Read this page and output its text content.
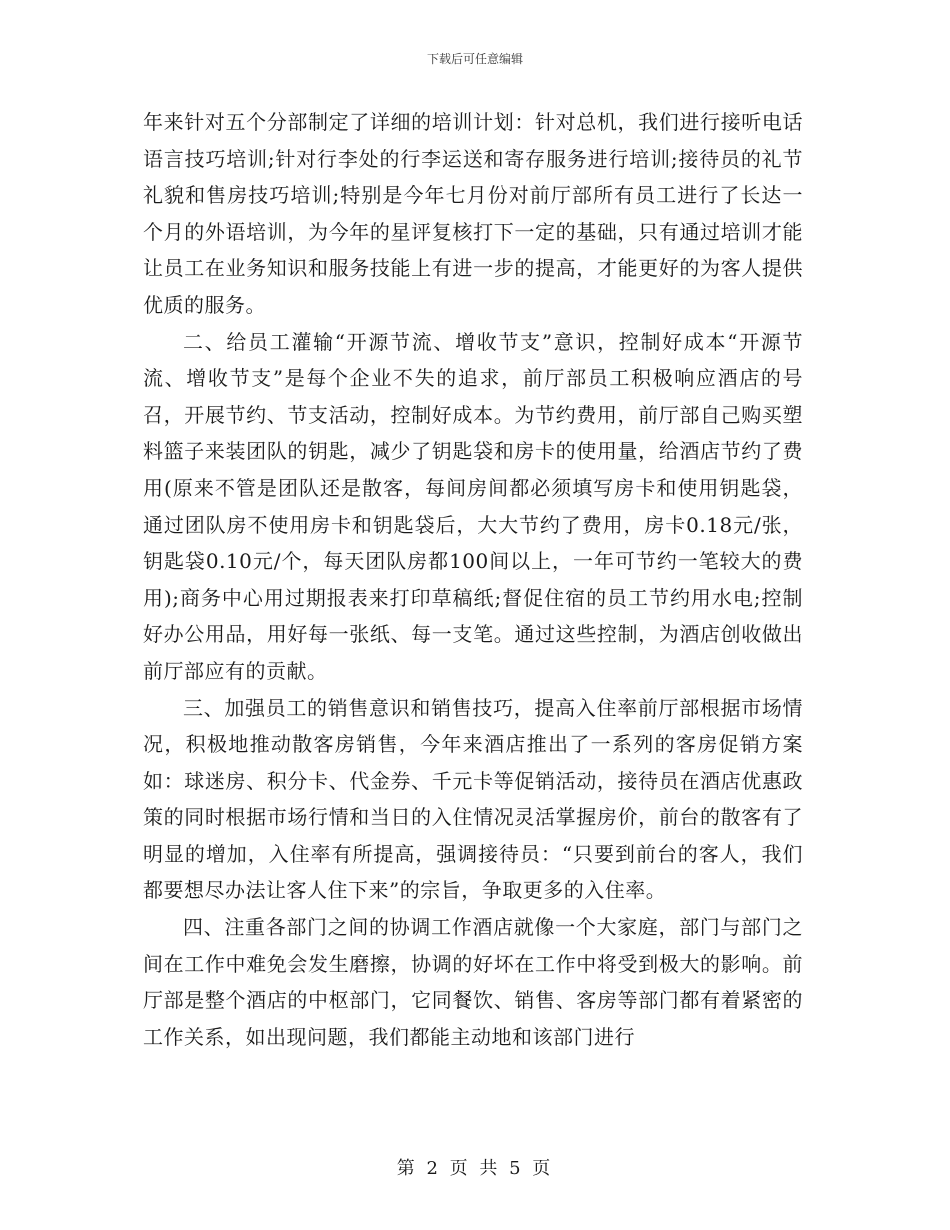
下载后可任意编辑

年来针对五个分部制定了详细的培训计划：针对总机，我们进行接听电话语言技巧培训;针对行李处的行李运送和寄存服务进行培训;接待员的礼节礼貌和售房技巧培训;特别是今年七月份对前厅部所有员工进行了长达一个月的外语培训，为今年的星评复核打下一定的基础，只有通过培训才能让员工在业务知识和服务技能上有进一步的提高，才能更好的为客人提供优质的服务。

二、给员工灌输“开源节流、增收节支”意识，控制好成本“开源节流、增收节支”是每个企业不失的追求，前厅部员工积极响应酒店的号召，开展节约、节支活动，控制好成本。为节约费用，前厅部自己购买塑料篮子来装团队的钥匙，减少了钥匙袋和房卡的使用量，给酒店节约了费用(原来不管是团队还是散客，每间房间都必须填写房卡和使用钥匙袋，通过团队房不使用房卡和钥匙袋后，大大节约了费用，房卡0.18元/张，钥匙袋0.10元/个，每天团队房都100间以上，一年可节约一笔较大的费用);商务中心用过期报表来打印草稿纸;督促住宿的员工节约用水电;控制好办公用品，用好每一张纸、每一支笔。通过这些控制，为酒店创收做出前厅部应有的贡献。

三、加强员工的销售意识和销售技巧，提高入住率前厅部根据市场情况，积极地推动散客房销售，今年来酒店推出了一系列的客房促销方案如：球迷房、积分卡、代金券、千元卡等促销活动，接待员在酒店优惠政策的同时根据市场行情和当日的入住情况灵活掌握房价，前台的散客有了明显的增加，入住率有所提高，强调接待员：“只要到前台的客人，我们都要想尽办法让客人住下来”的宗旨，争取更多的入住率。

四、注重各部门之间的协调工作酒店就像一个大家庭，部门与部门之间在工作中难免会发生磨擦，协调的好坏在工作中将受到极大的影响。前厅部是整个酒店的中枢部门，它同餐饮、销售、客房等部门都有着紧密的工作关系，如出现问题，我们都能主动地和该部门进行

第 2 页 共 5 页
